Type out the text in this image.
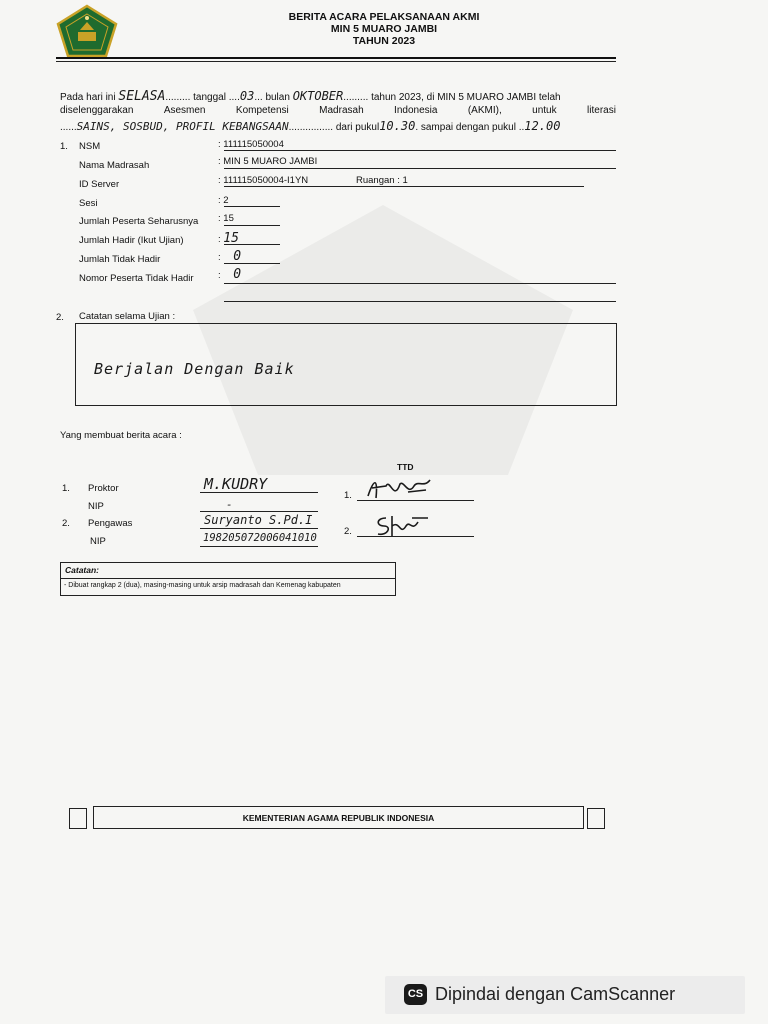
BERITA ACARA PELAKSANAAN AKMI
MIN 5 MUARO JAMBI
TAHUN 2023
Pada hari ini SELASA......... tanggal ....03... bulan OKTOBER......... tahun 2023, di MIN 5 MUARO JAMBI telah
diselenggarakan	Asesmen	Kompetensi	Madrasah	Indonesia	(AKMI),	untuk	literasi
......SAINS, SOSBUD, PROFIL KEBANGSAAN................ dari pukul10.30. sampai dengan pukul ..12.00
1. NSM	: 111115050004
Nama Madrasah	: MIN 5 MUARO JAMBI
ID Server	: 111115050004-I1YN	Ruangan : 1
Sesi	: 2
Jumlah Peserta Seharusnya : 15
Jumlah Hadir (Ikut Ujian)	: 15
Jumlah Tidak Hadir	: 0
Nomor Peserta Tidak Hadir	: 0
2. Catatan selama Ujian :
Berjalan Dengan Baik
Yang membuat berita acara :
TTD
1. Proktor	M.KUDRY
NIP	-
2. Pengawas	Suryanto S.Pd.I
NIP	198205072006041010
1.
2.
Catatan:
- Dibuat rangkap 2 (dua), masing-masing untuk arsip madrasah dan Kemenag kabupaten
KEMENTERIAN AGAMA REPUBLIK INDONESIA
CS Dipindai dengan CamScanner
